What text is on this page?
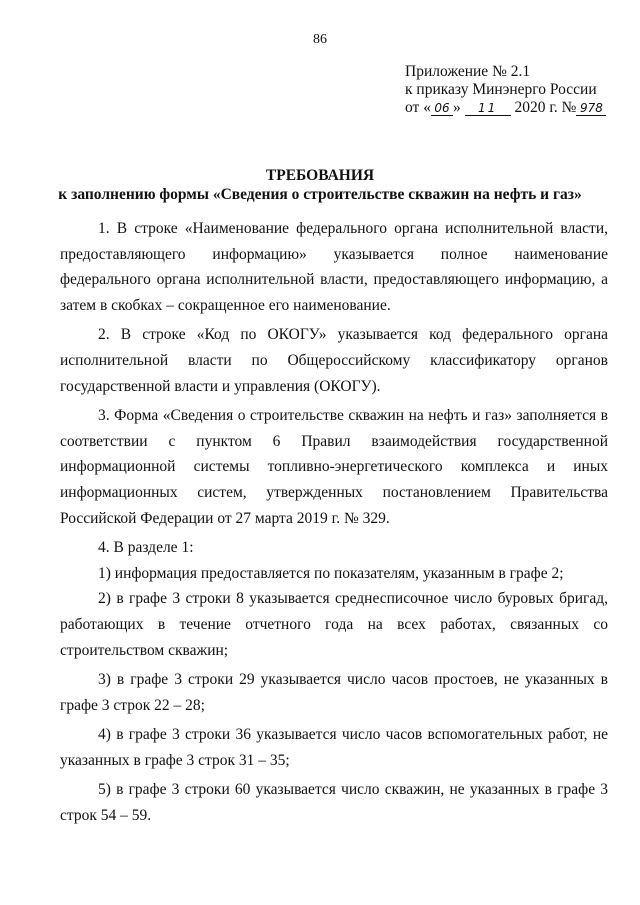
86
Приложение № 2.1
к приказу Минэнерго России
от « 06 » 11 2020 г. № 978
ТРЕБОВАНИЯ
к заполнению формы «Сведения о строительстве скважин на нефть и газ»

1. В строке «Наименование федерального органа исполнительной власти, предоставляющего информацию» указывается полное наименование федерального органа исполнительной власти, предоставляющего информацию, а затем в скобках – сокращенное его наименование.

2. В строке «Код по ОКОГУ» указывается код федерального органа исполнительной власти по Общероссийскому классификатору органов государственной власти и управления (ОКОГУ).

3. Форма «Сведения о строительстве скважин на нефть и газ» заполняется в соответствии с пунктом 6 Правил взаимодействия государственной информационной системы топливно-энергетического комплекса и иных информационных систем, утвержденных постановлением Правительства Российской Федерации от 27 марта 2019 г. № 329.

4. В разделе 1:

1) информация предоставляется по показателям, указанным в графе 2;

2) в графе 3 строки 8 указывается среднесписочное число буровых бригад, работающих в течение отчетного года на всех работах, связанных со строительством скважин;

3) в графе 3 строки 29 указывается число часов простоев, не указанных в графе 3 строк 22 – 28;

4) в графе 3 строки 36 указывается число часов вспомогательных работ, не указанных в графе 3 строк 31 – 35;

5) в графе 3 строки 60 указывается число скважин, не указанных в графе 3 строк 54 – 59.
